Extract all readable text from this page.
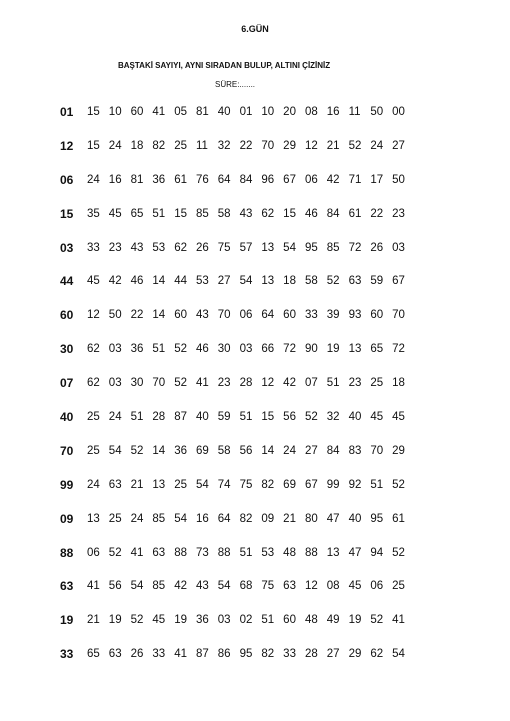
6.GÜN
BAŞTAKİ SAYIYI, AYNI SIRADAN BULUP, ALTINI ÇİZİNİZ
SÜRE:.......
01	15 10 60 41 05 81 40 01 10 20 08 16 11 50 00
12	15 24 18 82 25 11 32 22 70 29 12 21 52 24 27
06	24 16 81 36 61 76 64 84 96 67 06 42 71 17 50
15	35 45 65 51 15 85 58 43 62 15 46 84 61 22 23
03	33 23 43 53 62 26 75 57 13 54 95 85 72 26 03
44	45 42 46 14 44 53 27 54 13 18 58 52 63 59 67
60	12 50 22 14 60 43 70 06 64 60 33 39 93 60 70
30	62 03 36 51 52 46 30 03 66 72 90 19 13 65 72
07	62 03 30 70 52 41 23 28 12 42 07 51 23 25 18
40	25 24 51 28 87 40 59 51 15 56 52 32 40 45 45
70	25 54 52 14 36 69 58 56 14 24 27 84 83 70 29
99	24 63 21 13 25 54 74 75 82 69 67 99 92 51 52
09	13 25 24 85 54 16 64 82 09 21 80 47 40 95 61
88	06 52 41 63 88 73 88 51 53 48 88 13 47 94 52
63	41 56 54 85 42 43 54 68 75 63 12 08 45 06 25
19	21 19 52 45 19 36 03 02 51 60 48 49 19 52 41
33	65 63 26 33 41 87 86 95 82 33 28 27 29 62 54
